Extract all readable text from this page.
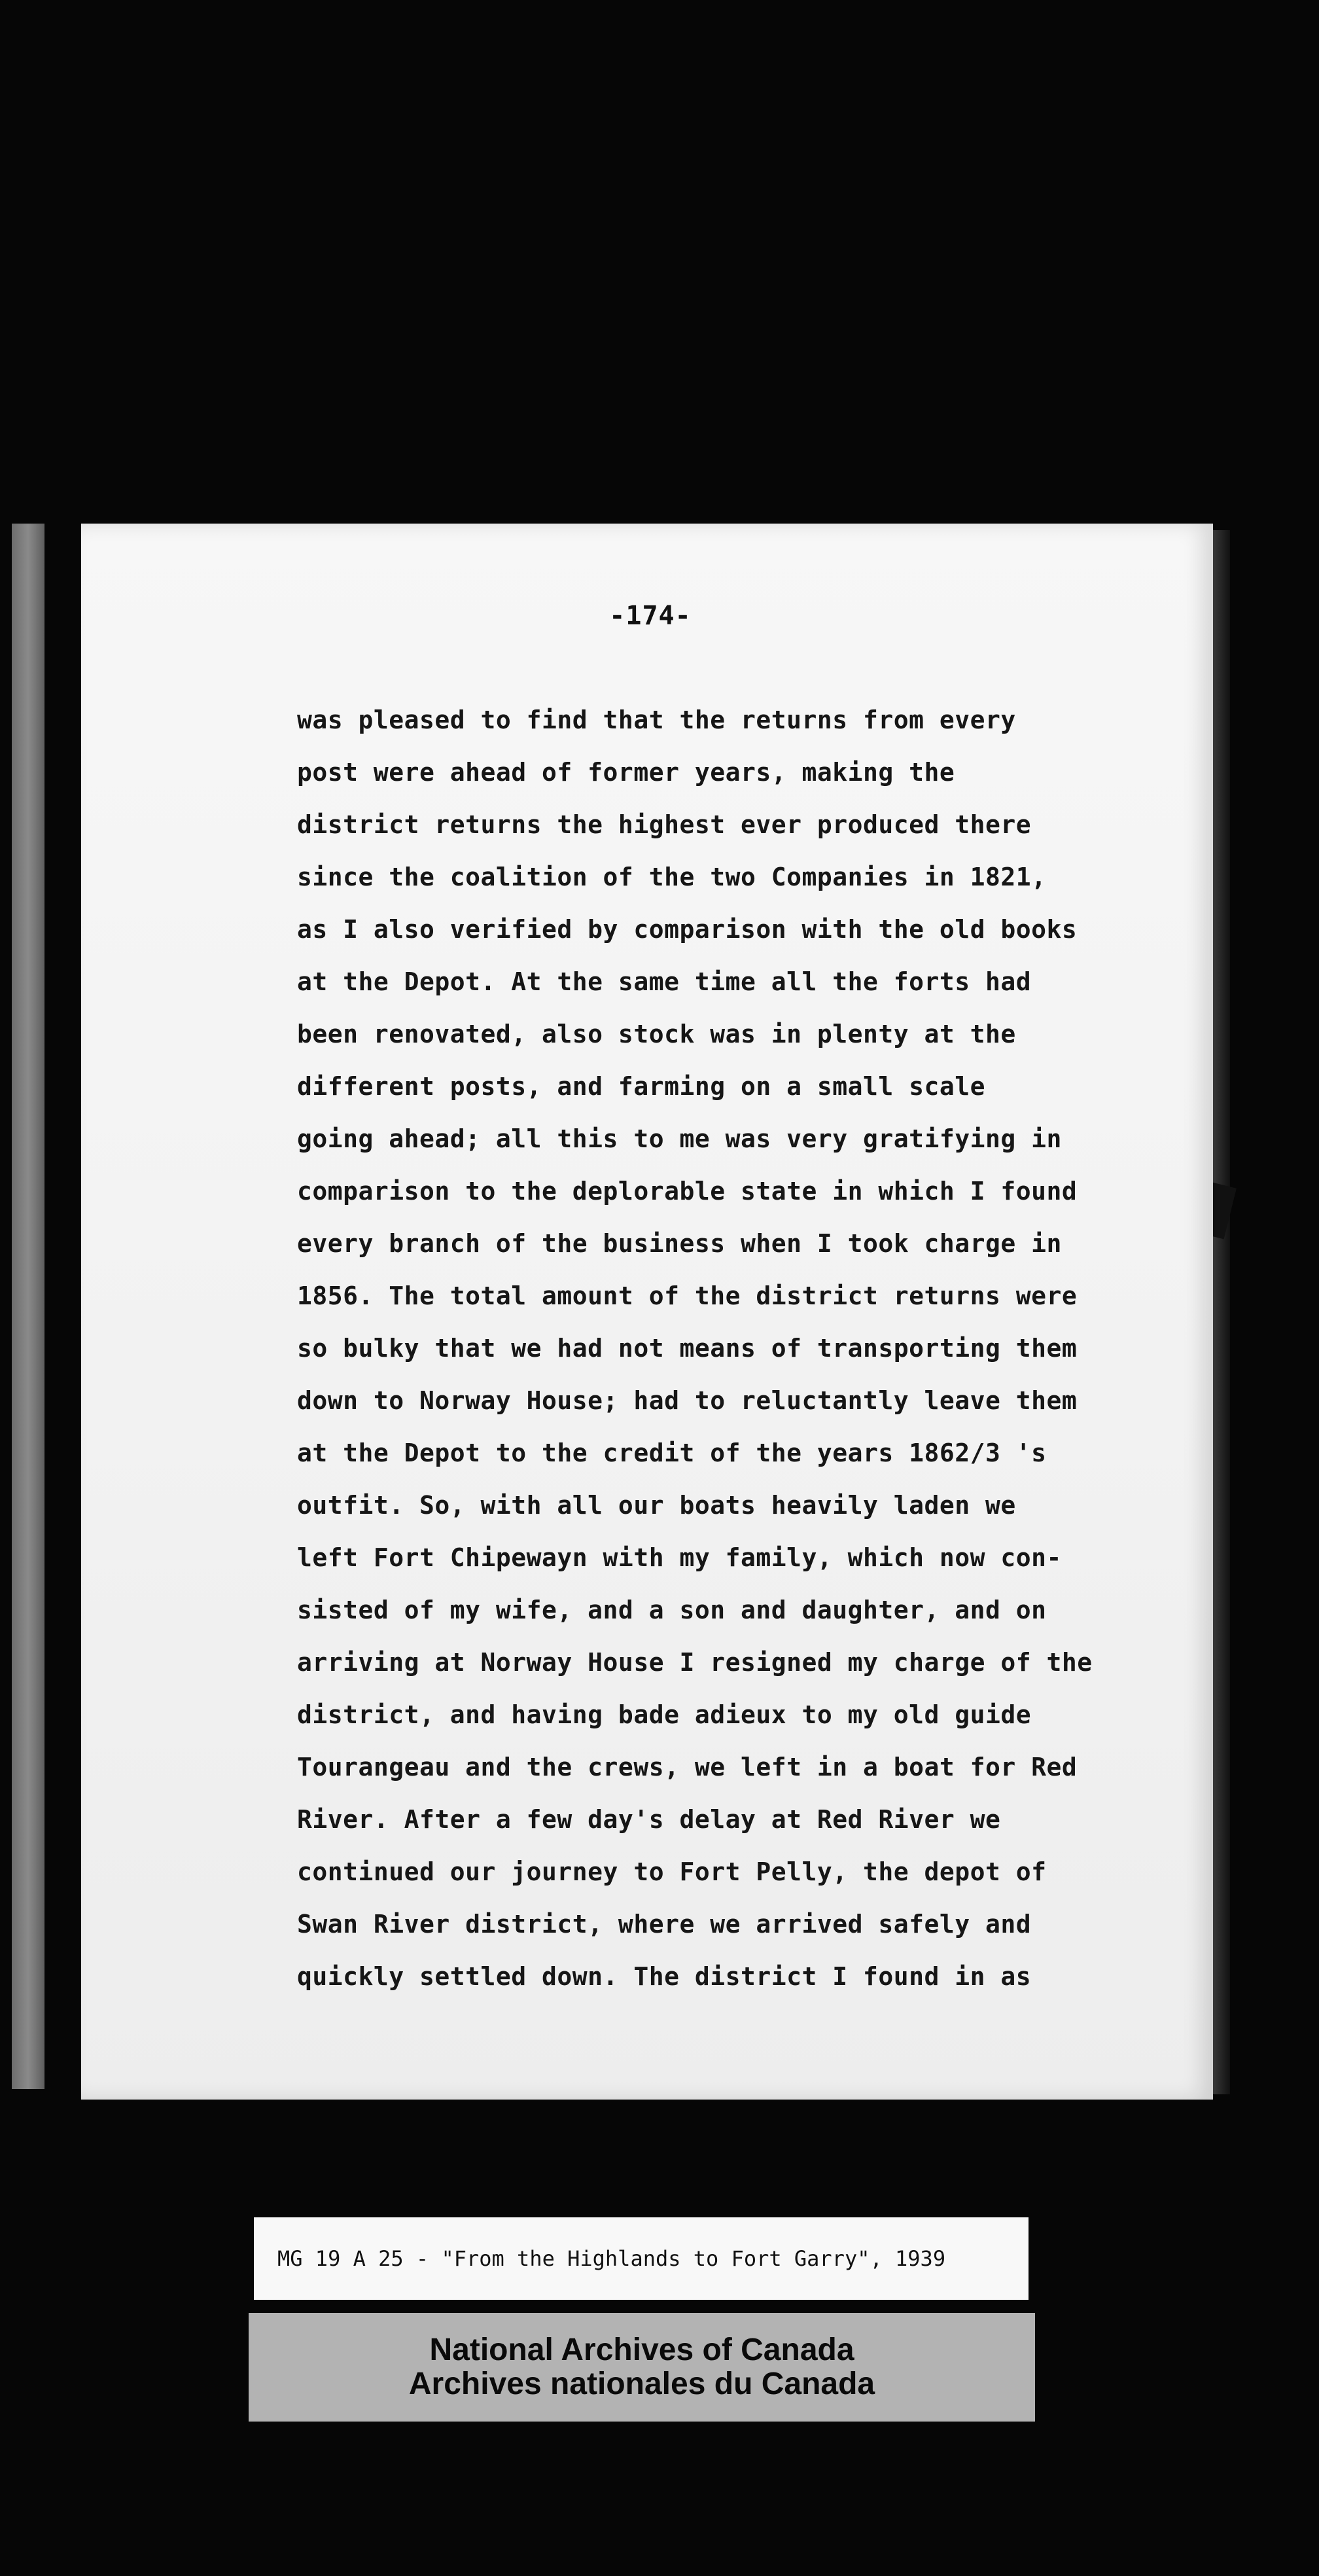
-174-
was pleased to find that the returns from every
post were ahead of former years, making the
district returns the highest ever produced there
since the coalition of the two Companies in 1821,
as I also verified by comparison with the old books
at the Depot. At the same time all the forts had
been renovated, also stock was in plenty at the
different posts, and farming on a small scale
going ahead; all this to me was very gratifying in
comparison to the deplorable state in which I found
every branch of the business when I took charge in
1856. The total amount of the district returns were
so bulky that we had not means of transporting them
down to Norway House; had to reluctantly leave them
at the Depot to the credit of the years 1862/3 's
outfit. So, with all our boats heavily laden we
left Fort Chipewayn with my family, which now con-
sisted of my wife, and a son and daughter, and on
arriving at Norway House I resigned my charge of the
district, and having bade adieux to my old guide
Tourangeau and the crews, we left in a boat for Red
River. After a few day's delay at Red River we
continued our journey to Fort Pelly, the depot of
Swan River district, where we arrived safely and
quickly settled down. The district I found in as
MG 19 A 25 - "From the Highlands to Fort Garry", 1939
National Archives of Canada
Archives nationales du Canada
